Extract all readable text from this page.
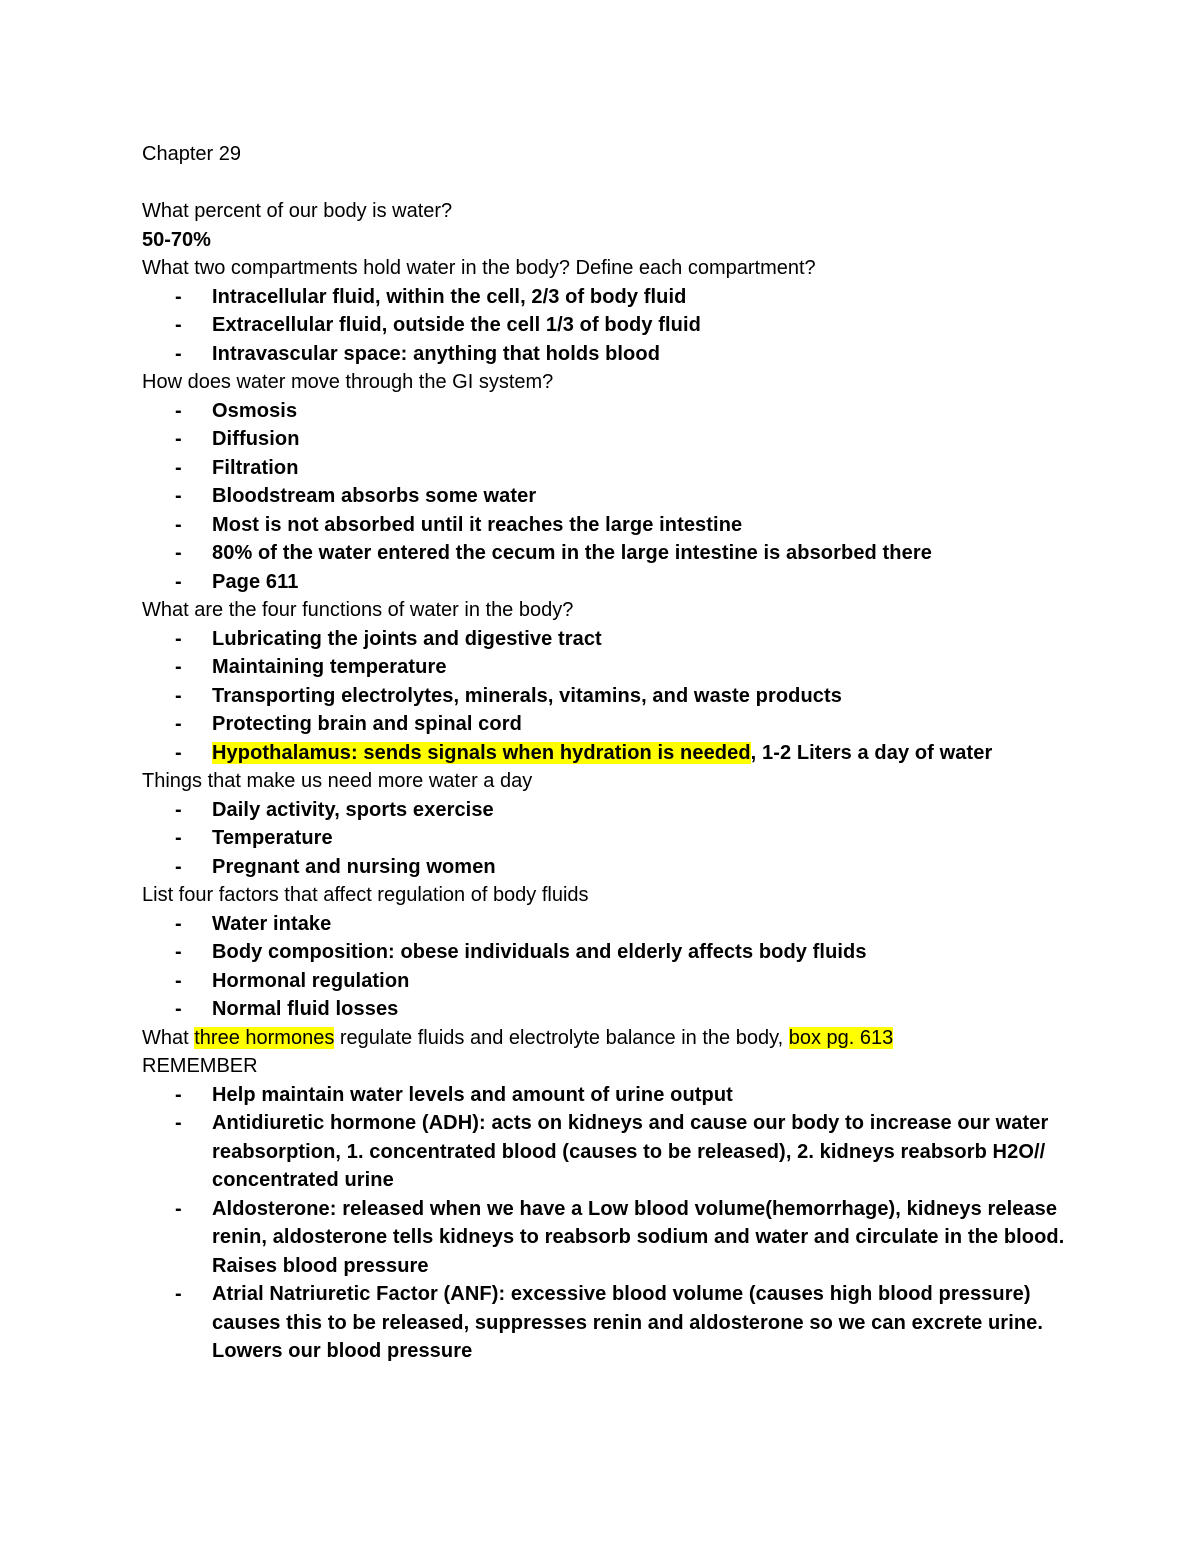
Chapter 29
What percent of our body is water?
50-70%
What two compartments hold water in the body? Define each compartment?
- Intracellular fluid, within the cell, 2/3 of body fluid
- Extracellular fluid, outside the cell 1/3 of body fluid
- Intravascular space: anything that holds blood
How does water move through the GI system?
- Osmosis
- Diffusion
- Filtration
- Bloodstream absorbs some water
- Most is not absorbed until it reaches the large intestine
- 80% of the water entered the cecum in the large intestine is absorbed there
- Page 611
What are the four functions of water in the body?
- Lubricating the joints and digestive tract
- Maintaining temperature
- Transporting electrolytes, minerals, vitamins, and waste products
- Protecting brain and spinal cord
- Hypothalamus: sends signals when hydration is needed, 1-2 Liters a day of water
Things that make us need more water a day
- Daily activity, sports exercise
- Temperature
- Pregnant and nursing women
List four factors that affect regulation of body fluids
- Water intake
- Body composition: obese individuals and elderly affects body fluids
- Hormonal regulation
- Normal fluid losses
What three hormones regulate fluids and electrolyte balance in the body, box pg. 613
REMEMBER
- Help maintain water levels and amount of urine output
- Antidiuretic hormone (ADH): acts on kidneys and cause our body to increase our water reabsorption, 1. concentrated blood (causes to be released), 2. kidneys reabsorb H2O// concentrated urine
- Aldosterone: released when we have a Low blood volume(hemorrhage), kidneys release renin, aldosterone tells kidneys to reabsorb sodium and water and circulate in the blood. Raises blood pressure
- Atrial Natriuretic Factor (ANF): excessive blood volume (causes high blood pressure) causes this to be released, suppresses renin and aldosterone so we can excrete urine. Lowers our blood pressure
